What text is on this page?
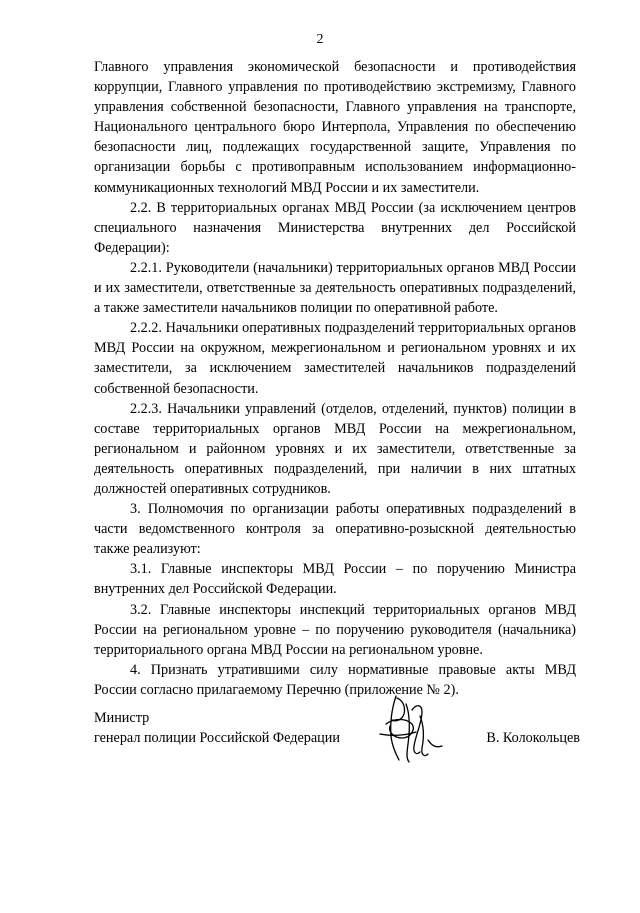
2

Главного управления экономической безопасности и противодействия коррупции, Главного управления по противодействию экстремизму, Главного управления собственной безопасности, Главного управления на транспорте, Национального центрального бюро Интерпола, Управления по обеспечению безопасности лиц, подлежащих государственной защите, Управления по организации борьбы с противоправным использованием информационно-коммуникационных технологий МВД России и их заместители.

2.2. В территориальных органах МВД России (за исключением центров специального назначения Министерства внутренних дел Российской Федерации):

2.2.1. Руководители (начальники) территориальных органов МВД России и их заместители, ответственные за деятельность оперативных подразделений, а также заместители начальников полиции по оперативной работе.

2.2.2. Начальники оперативных подразделений территориальных органов МВД России на окружном, межрегиональном и региональном уровнях и их заместители, за исключением заместителей начальников подразделений собственной безопасности.

2.2.3. Начальники управлений (отделов, отделений, пунктов) полиции в составе территориальных органов МВД России на межрегиональном, региональном и районном уровнях и их заместители, ответственные за деятельность оперативных подразделений, при наличии в них штатных должностей оперативных сотрудников.

3. Полномочия по организации работы оперативных подразделений в части ведомственного контроля за оперативно-розыскной деятельностью также реализуют:

3.1. Главные инспекторы МВД России – по поручению Министра внутренних дел Российской Федерации.

3.2. Главные инспекторы инспекций территориальных органов МВД России на региональном уровне – по поручению руководителя (начальника) территориального органа МВД России на региональном уровне.

4. Признать утратившими силу нормативные правовые акты МВД России согласно прилагаемому Перечню (приложение № 2).

Министр
генерал полиции Российской Федерации	В. Колокольцев
